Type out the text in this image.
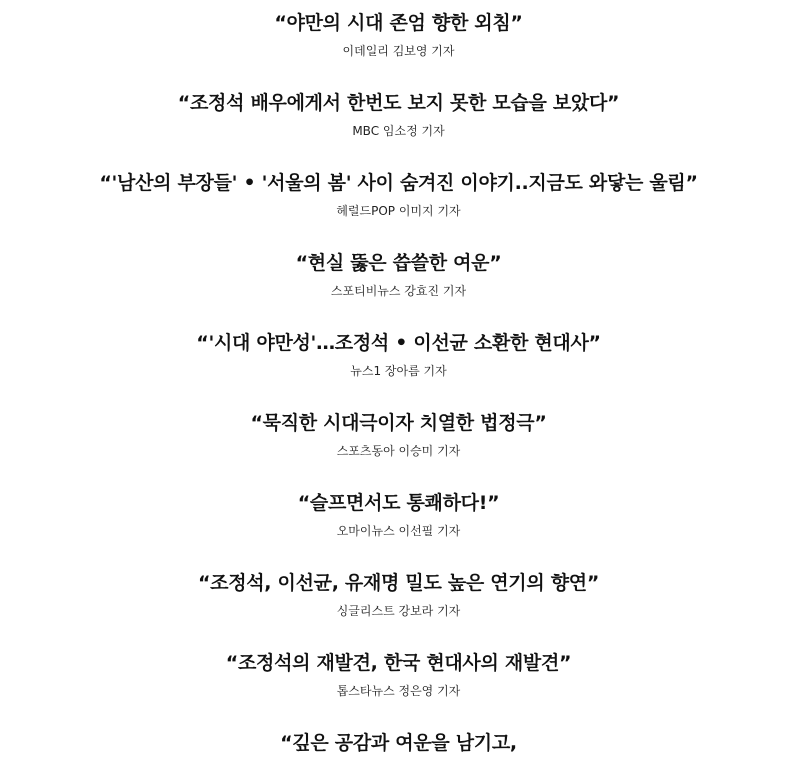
“야만의 시대 존엄 향한 외침”
이데일리 김보영 기자
“조정석 배우에게서 한번도 보지 못한 모습을 보았다”
MBC 임소정 기자
“'남산의 부장들' • '서울의 봄' 사이 숨겨진 이야기..지금도 와닿는 울림”
헤럴드POP 이미지 기자
“현실 뚫은 씁쓸한 여운”
스포티비뉴스 강효진 기자
“'시대 야만성'…조정석 • 이선균 소환한 현대사”
뉴스1 장아름 기자
“묵직한 시대극이자 치열한 법정극”
스포츠동아 이승미 기자
“슬프면서도 통쾌하다!”
오마이뉴스 이선필 기자
“조정석, 이선균, 유재명 밀도 높은 연기의 향연”
싱글리스트 강보라 기자
“조정석의 재발견, 한국 현대사의 재발견”
톱스타뉴스 정은영 기자
“깊은 공감과 여운을 남기고,
